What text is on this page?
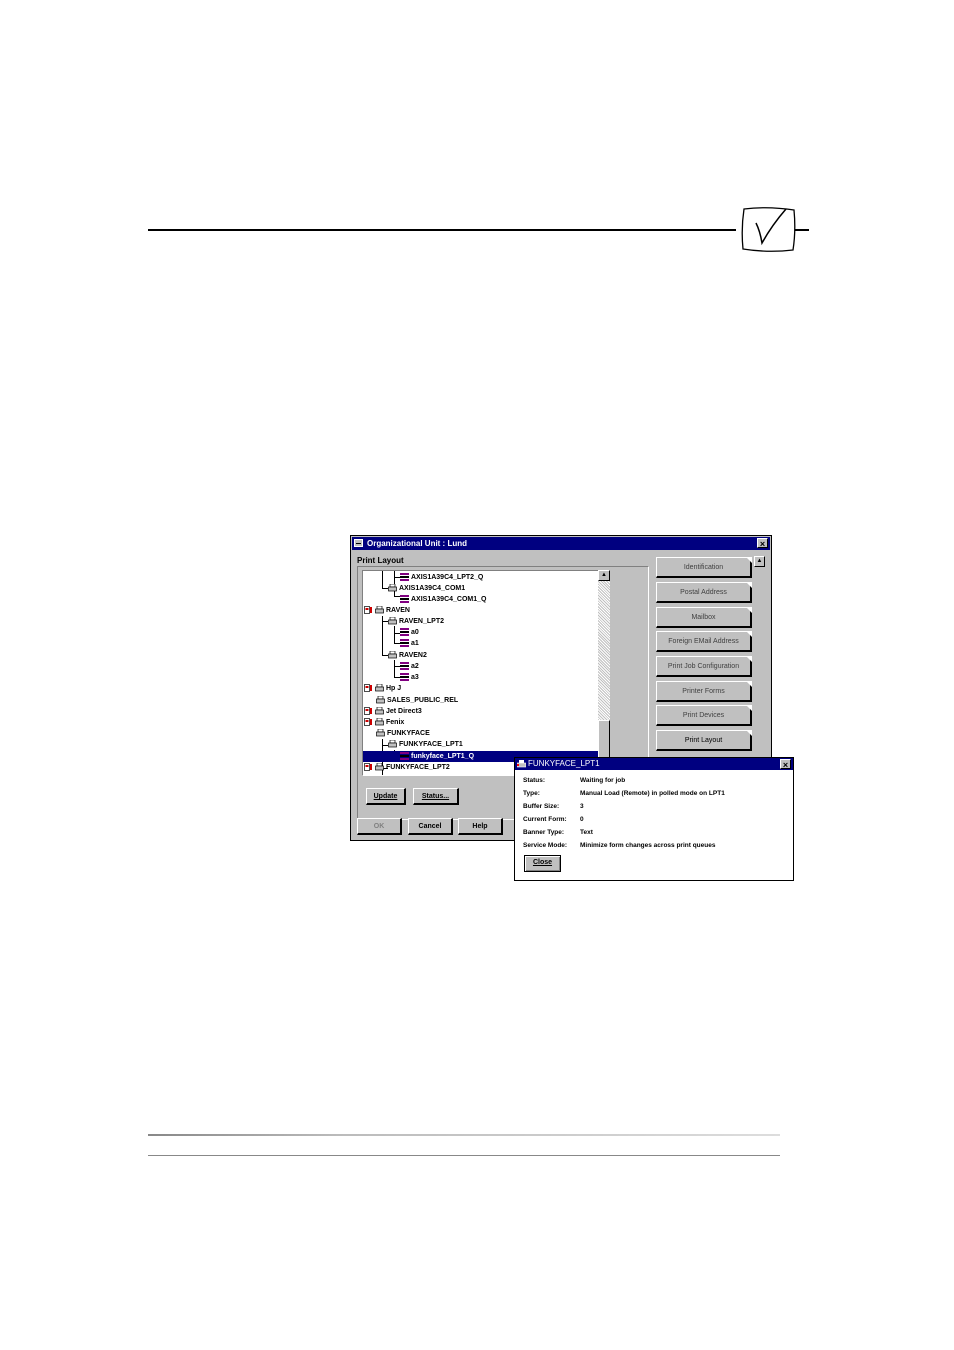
Organizational Unit : Lund	×
Print Layout
AXIS1A39C4_LPT2_Q
AXIS1A39C4_COM1
AXIS1A39C4_COM1_Q
RAVEN
RAVEN_LPT2
a0
a1
RAVEN2
a2
a3
Hp J
SALES_PUBLIC_REL
Jet Direct3
Fenix
FUNKYFACE
FUNKYFACE_LPT1
funkyface_LPT1_Q
FUNKYFACE_LPT2
▲
Update	Status...
OK	Cancel	Help
Identification
Postal Address
Mailbox
Foreign EMail Address
Print Job Configuration
Printer Forms
Print Devices
Print Layout
▲
FUNKYFACE_LPT1	×
Status:	Waiting for job
Type:	Manual Load (Remote) in polled mode on LPT1
Buffer Size:	3
Current Form: 0
Banner Type: Text
Service Mode: Minimize form changes across print queues
Close
